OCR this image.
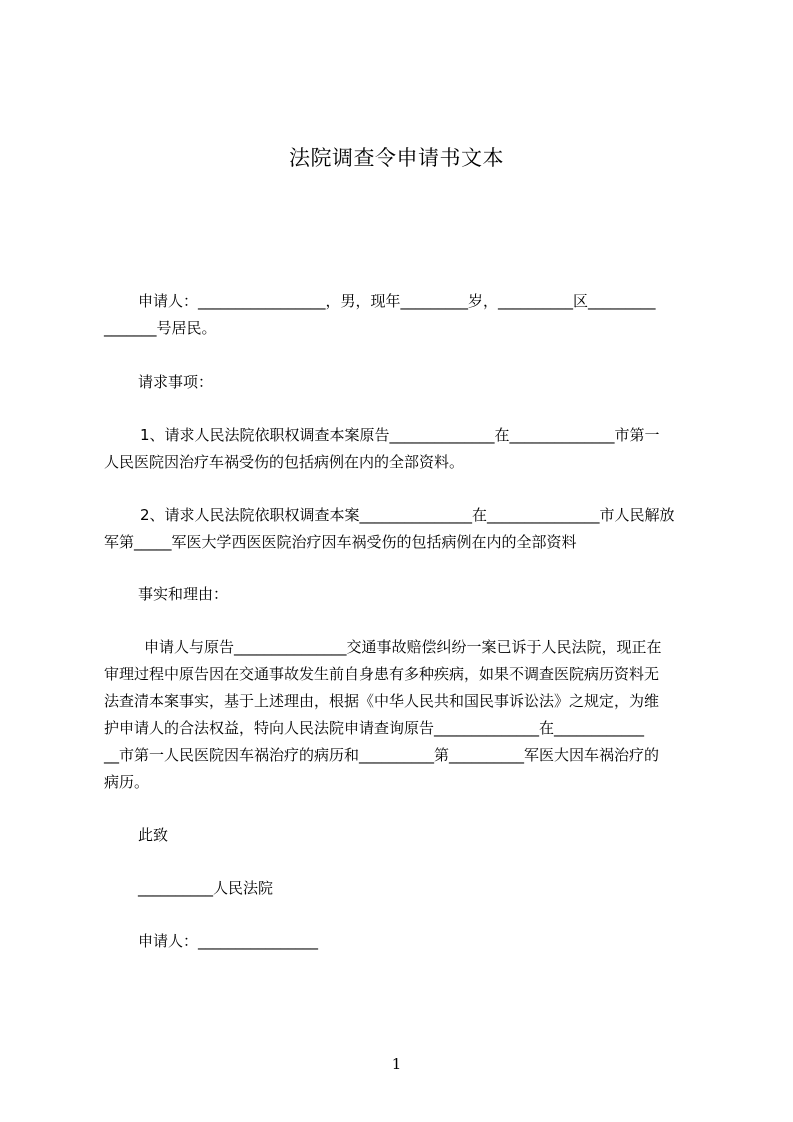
法院调查令申请书文本
申请人：_________________，男，现年_________岁，__________区_________
_______号居民。
请求事项：
1、请求人民法院依职权调查本案原告______________在______________市第一
人民医院因治疗车祸受伤的包括病例在内的全部资料。
2、请求人民法院依职权调查本案_______________在_______________市人民解放
军第_____军医大学西医医院治疗因车祸受伤的包括病例在内的全部资料
事实和理由：
申请人与原告_______________交通事故赔偿纠纷一案已诉于人民法院，现正在
审理过程中原告因在交通事故发生前自身患有多种疾病，如果不调查医院病历资料无
法查清本案事实，基于上述理由，根据《中华人民共和国民事诉讼法》之规定，为维
护申请人的合法权益，特向人民法院申请查询原告______________在____________
__市第一人民医院因车祸治疗的病历和__________第__________军医大因车祸治疗的
病历。
此致
__________人民法院
申请人：________________
1
